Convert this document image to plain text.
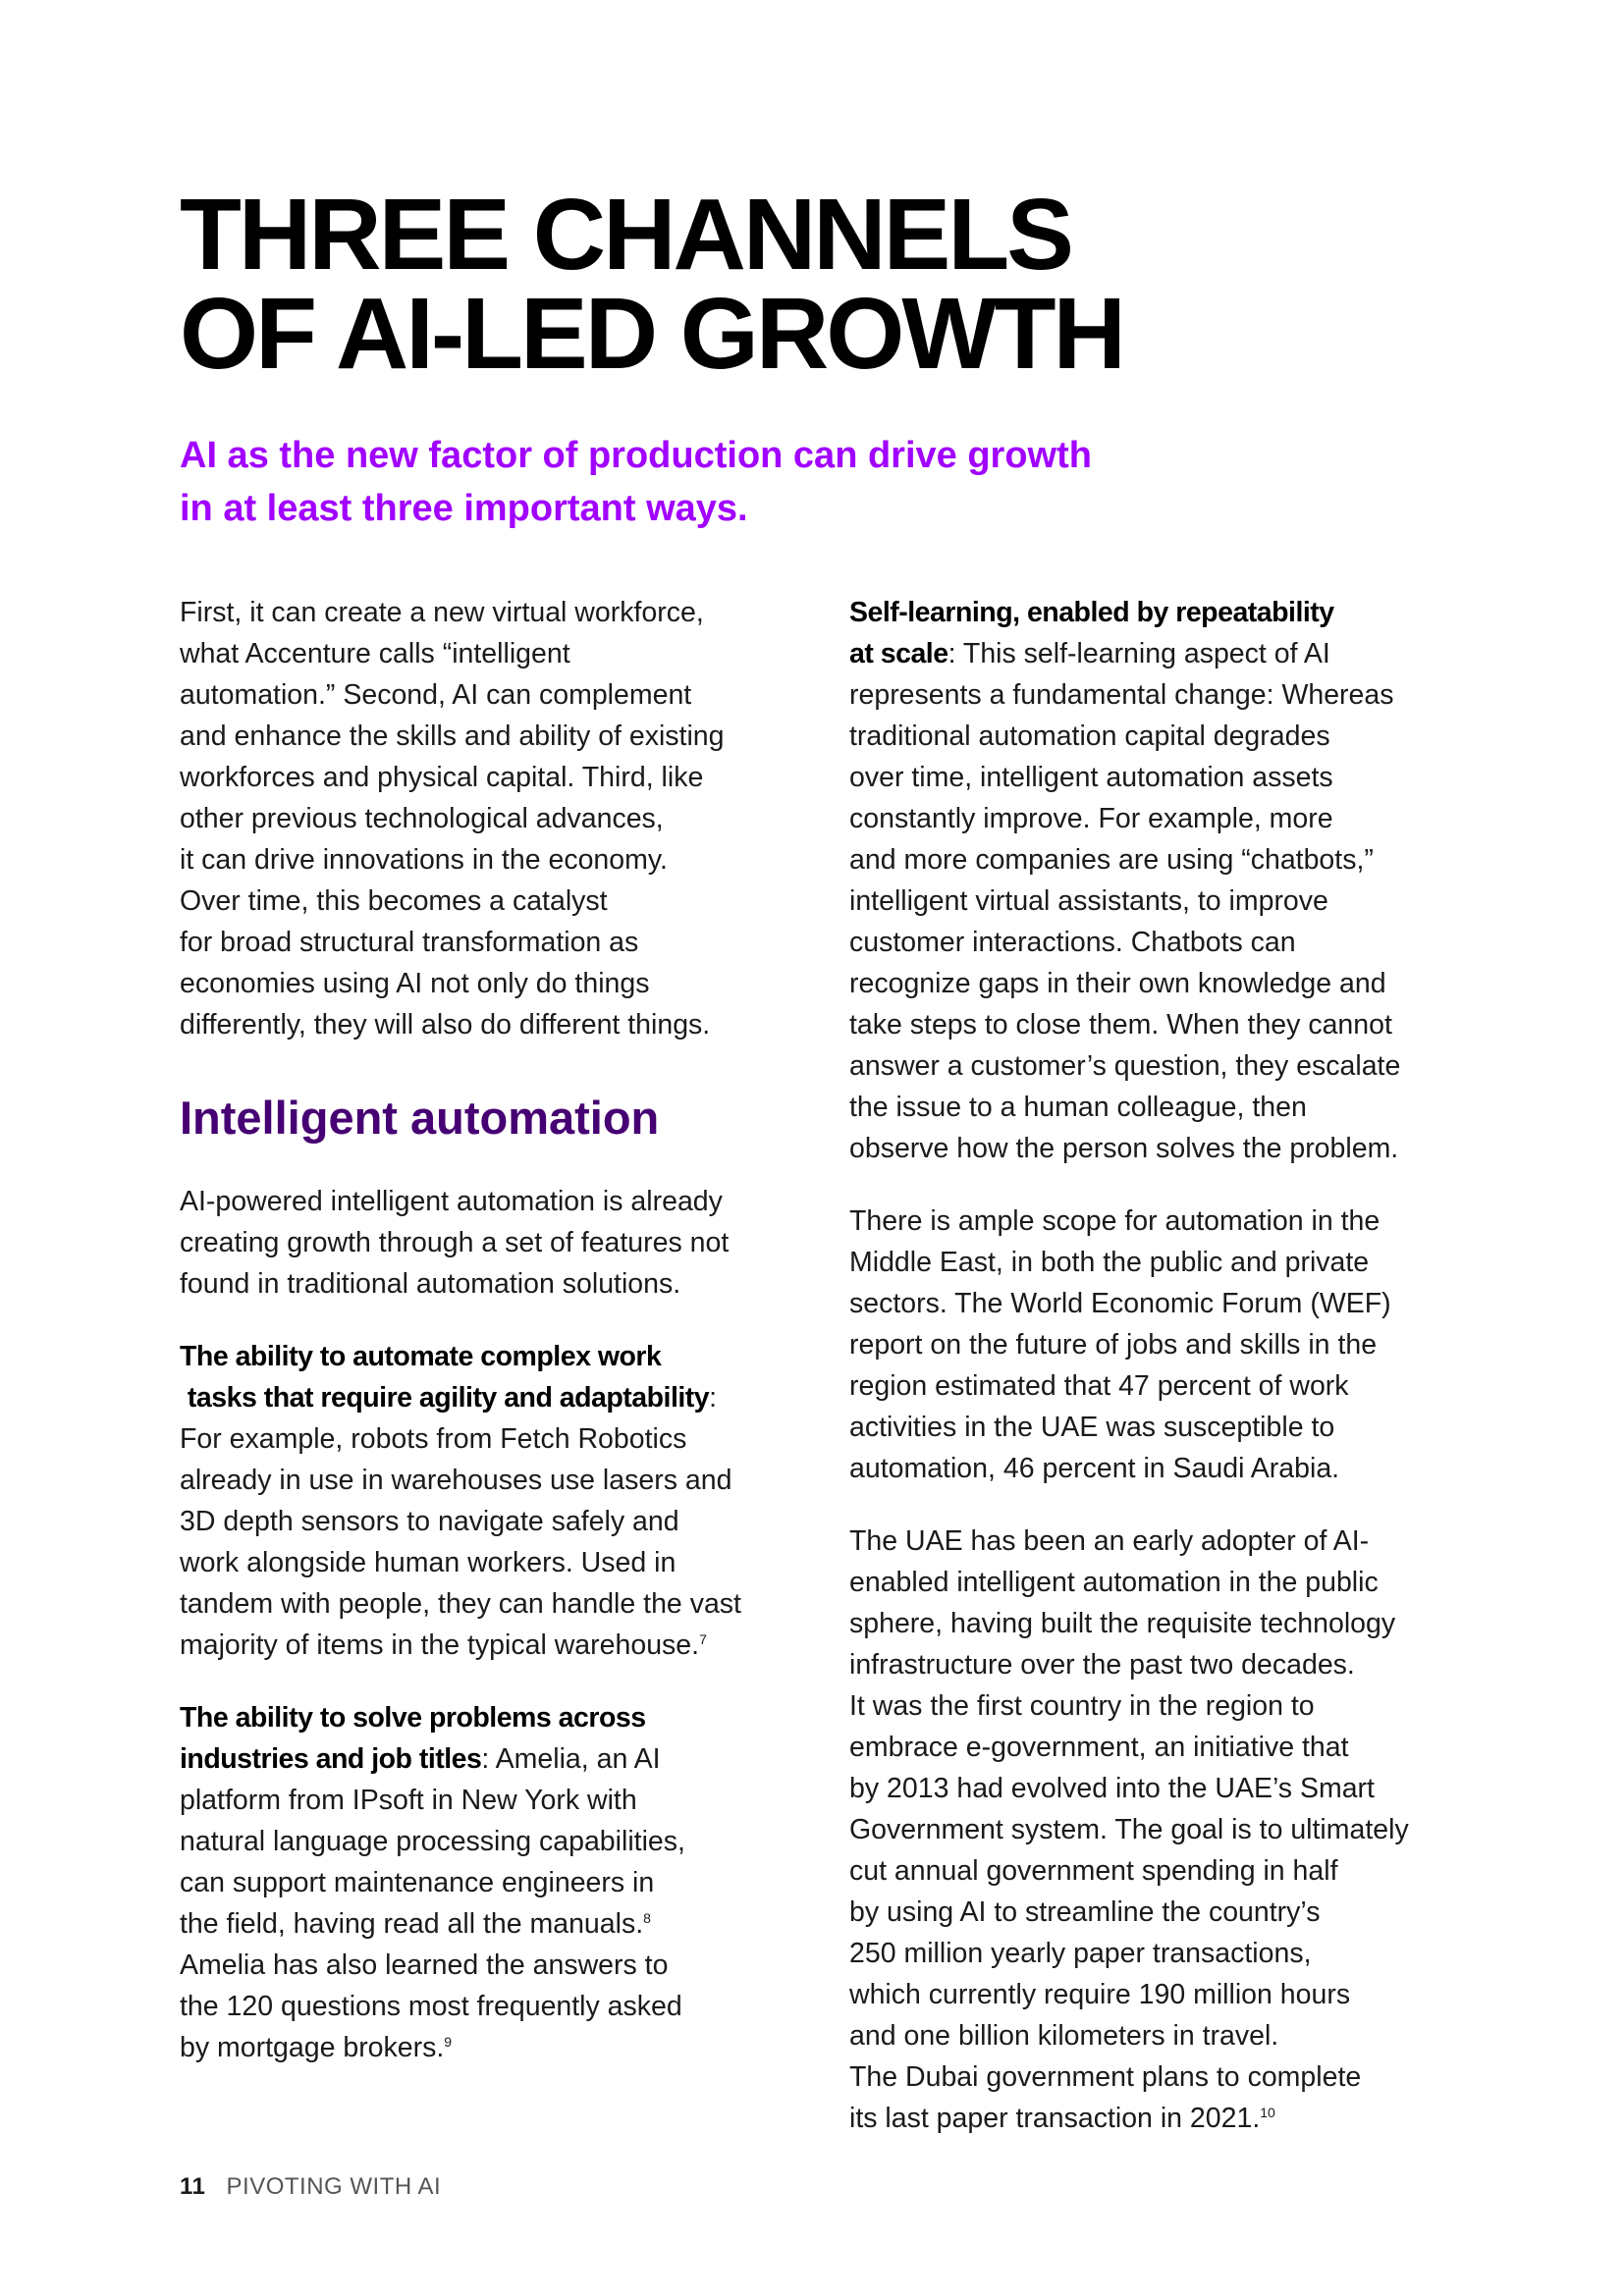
THREE CHANNELS
OF AI-LED GROWTH
AI as the new factor of production can drive growth
in at least three important ways.

First, it can create a new virtual workforce,
what Accenture calls “intelligent
automation.” Second, AI can complement
and enhance the skills and ability of existing
workforces and physical capital. Third, like
other previous technological advances,
it can drive innovations in the economy.
Over time, this becomes a catalyst
for broad structural transformation as
economies using AI not only do things
differently, they will also do different things.

Intelligent automation

AI-powered intelligent automation is already
creating growth through a set of features not
found in traditional automation solutions.

The ability to automate complex work
tasks that require agility and adaptability:
For example, robots from Fetch Robotics
already in use in warehouses use lasers and
3D depth sensors to navigate safely and
work alongside human workers. Used in
tandem with people, they can handle the vast
majority of items in the typical warehouse.$^7$

The ability to solve problems across
industries and job titles: Amelia, an AI
platform from IPsoft in New York with
natural language processing capabilities,
can support maintenance engineers in
the field, having read all the manuals.$^8$
Amelia has also learned the answers to
the 120 questions most frequently asked
by mortgage brokers.$^9$

Self-learning, enabled by repeatability
at scale: This self-learning aspect of AI
represents a fundamental change: Whereas
traditional automation capital degrades
over time, intelligent automation assets
constantly improve. For example, more
and more companies are using “chatbots,”
intelligent virtual assistants, to improve
customer interactions. Chatbots can
recognize gaps in their own knowledge and
take steps to close them. When they cannot
answer a customer’s question, they escalate
the issue to a human colleague, then
observe how the person solves the problem.

There is ample scope for automation in the
Middle East, in both the public and private
sectors. The World Economic Forum (WEF)
report on the future of jobs and skills in the
region estimated that 47 percent of work
activities in the UAE was susceptible to
automation, 46 percent in Saudi Arabia.

The UAE has been an early adopter of AI-
enabled intelligent automation in the public
sphere, having built the requisite technology
infrastructure over the past two decades.
It was the first country in the region to
embrace e-government, an initiative that
by 2013 had evolved into the UAE’s Smart
Government system. The goal is to ultimately
cut annual government spending in half
by using AI to streamline the country’s
250 million yearly paper transactions,
which currently require 190 million hours
and one billion kilometers in travel.
The Dubai government plans to complete
its last paper transaction in 2021.10

11 PIVOTING WITH AI
